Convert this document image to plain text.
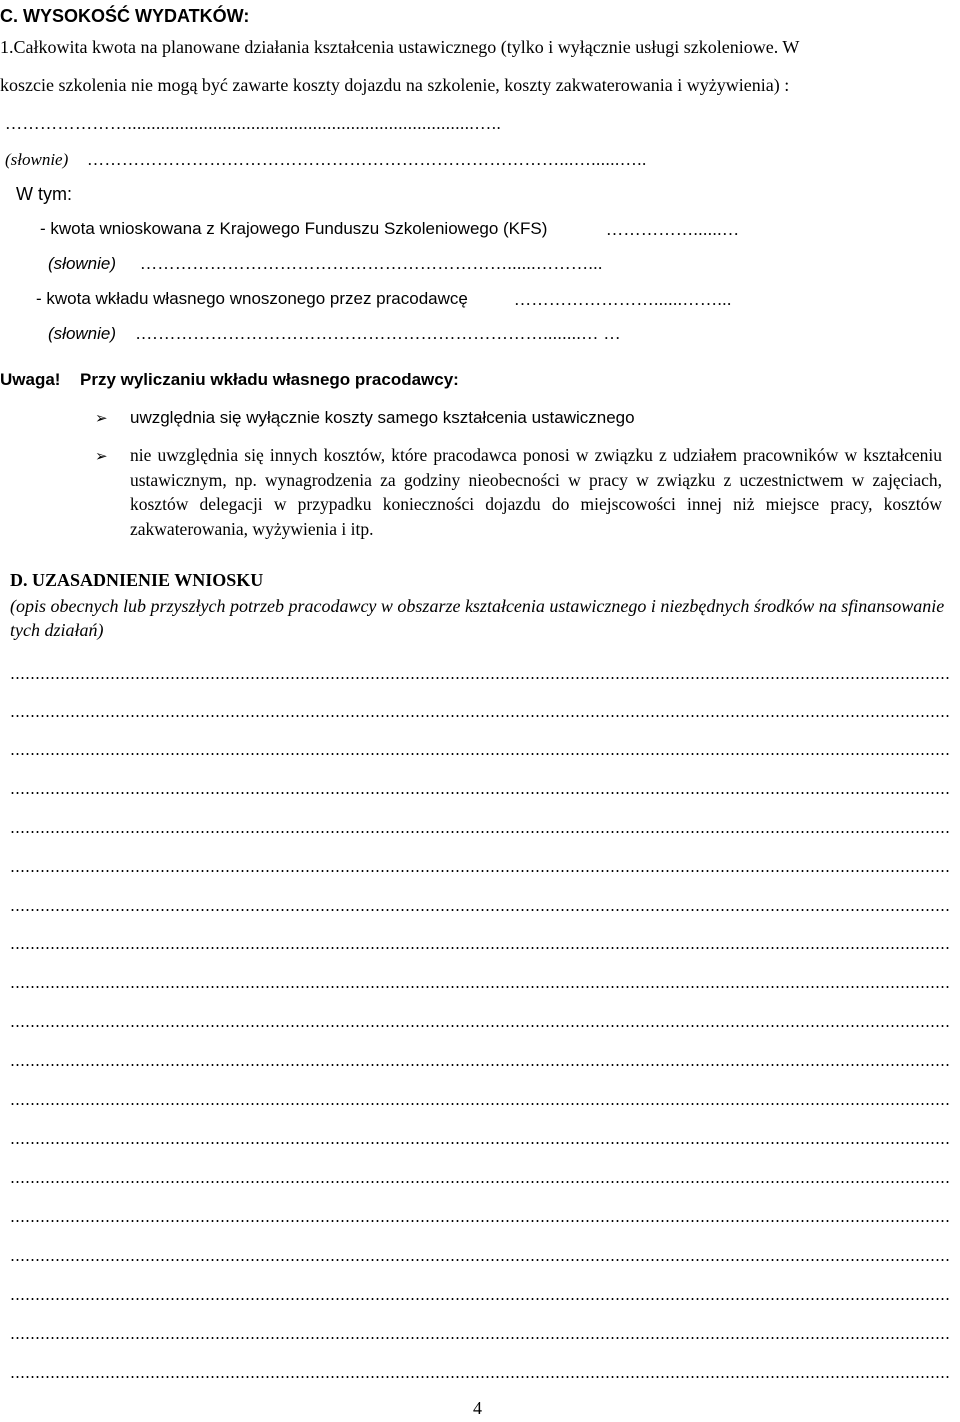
C. WYSOKOŚĆ WYDATKÓW:
1.Całkowita kwota na planowane działania kształcenia ustawicznego (tylko i wyłącznie usługi szkoleniowe. W
koszcie szkolenia nie mogą być zawarte koszty dojazdu na szkolenie, koszty zakwaterowania i wyżywienia) :
………………….........................................................................…..
(słownie) ………………………………………………………………………...…......…..
W tym:
- kwota wnioskowana z Krajowego Funduszu Szkoleniowego (KFS)	……………......…
(słownie) ………………………………………………………......………...
- kwota wkładu własnego wnoszonego przez pracodawcę	……………………......……...
(słownie) .……………………………………………………………........… …
Uwaga! Przy wyliczaniu wkładu własnego pracodawcy:
➢ uwzględnia się wyłącznie koszty samego kształcenia ustawicznego
➢ nie uwzględnia się innych kosztów, które pracodawca ponosi w związku z udziałem pracowników w kształceniu ustawicznym, np. wynagrodzenia za godziny nieobecności w pracy w związku z uczestnictwem w zajęciach, kosztów delegacji w przypadku konieczności dojazdu do miejscowości innej niż miejsce pracy, kosztów zakwaterowania, wyżywienia i itp.
D. UZASADNIENIE WNIOSKU
(opis obecnych lub przyszłych potrzeb pracodawcy w obszarze kształcenia ustawicznego i niezbędnych środków na sfinansowanie tych działań)
4
